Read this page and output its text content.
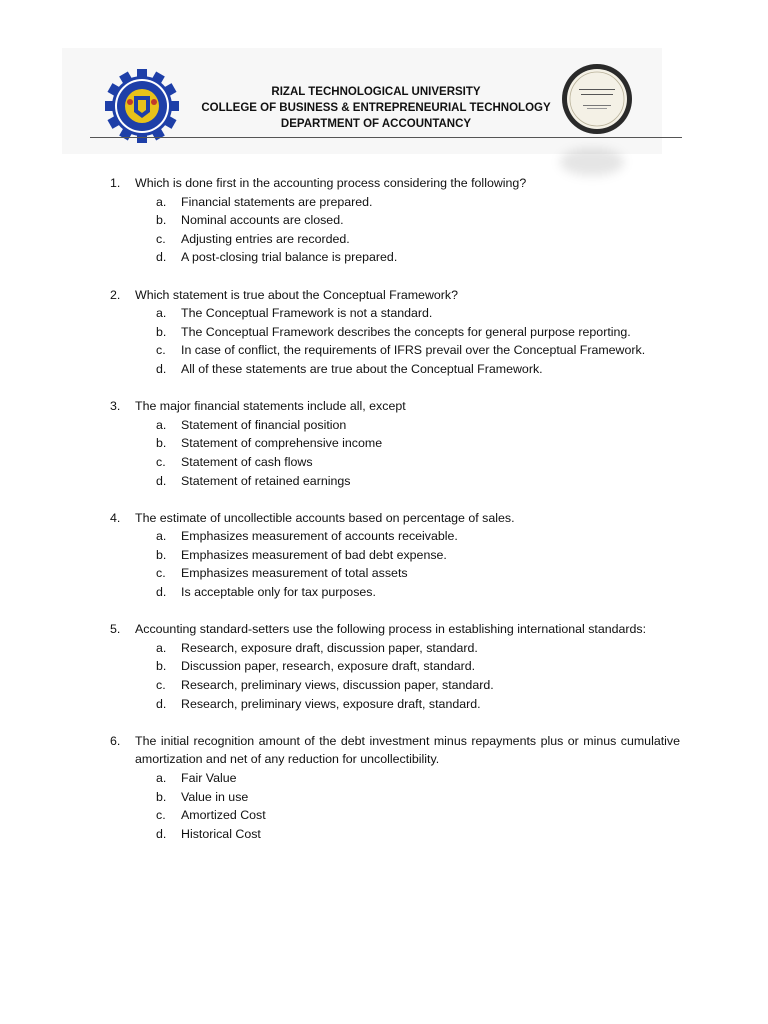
RIZAL TECHNOLOGICAL UNIVERSITY
COLLEGE OF BUSINESS & ENTREPRENEURIAL TECHNOLOGY
DEPARTMENT OF ACCOUNTANCY
1.	Which is done first in the accounting process considering the following?
a.	Financial statements are prepared.
b.	Nominal accounts are closed.
c.	Adjusting entries are recorded.
d.	A post-closing trial balance is prepared.
2.	Which statement is true about the Conceptual Framework?
a.	The Conceptual Framework is not a standard.
b.	The Conceptual Framework describes the concepts for general purpose reporting.
c.	In case of conflict, the requirements of IFRS prevail over the Conceptual Framework.
d.	All of these statements are true about the Conceptual Framework.
3.	The major financial statements include all, except
a.	Statement of financial position
b.	Statement of comprehensive income
c.	Statement of cash flows
d.	Statement of retained earnings
4.	The estimate of uncollectible accounts based on percentage of sales.
a.	Emphasizes measurement of accounts receivable.
b.	Emphasizes measurement of bad debt expense.
c.	Emphasizes measurement of total assets
d.	Is acceptable only for tax purposes.
5.	Accounting standard-setters use the following process in establishing international standards:
a.	Research, exposure draft, discussion paper, standard.
b.	Discussion paper, research, exposure draft, standard.
c.	Research, preliminary views, discussion paper, standard.
d.	Research, preliminary views, exposure draft, standard.
6.	The initial recognition amount of the debt investment minus repayments plus or minus cumulative amortization and net of any reduction for uncollectibility.
a.	Fair Value
b.	Value in use
c.	Amortized Cost
d.	Historical Cost
